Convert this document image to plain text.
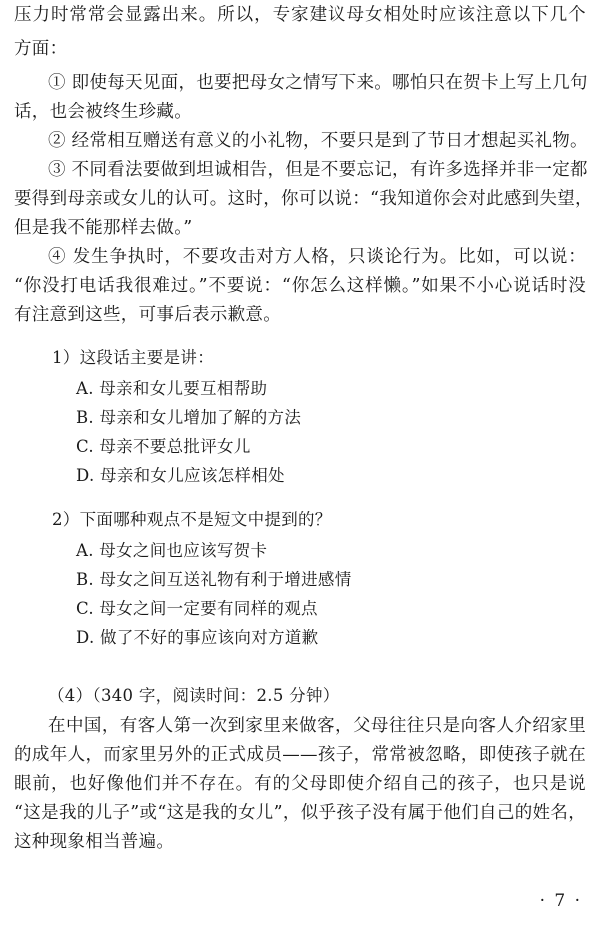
压力时常常会显露出来。所以，专家建议母女相处时应该注意以下几个
方面：
① 即使每天见面，也要把母女之情写下来。哪怕只在贺卡上写上几句
话，也会被终生珍藏。
② 经常相互赠送有意义的小礼物，不要只是到了节日才想起买礼物。
③ 不同看法要做到坦诚相告，但是不要忘记，有许多选择并非一定都
要得到母亲或女儿的认可。这时，你可以说：“我知道你会对此感到失望，
但是我不能那样去做。”
④ 发生争执时，不要攻击对方人格，只谈论行为。比如，可以说：
“你没打电话我很难过。”不要说：“你怎么这样懒。”如果不小心说话时没
有注意到这些，可事后表示歉意。
1）这段话主要是讲：
A. 母亲和女儿要互相帮助
B. 母亲和女儿增加了解的方法
C. 母亲不要总批评女儿
D. 母亲和女儿应该怎样相处
2）下面哪种观点不是短文中提到的？
A. 母女之间也应该写贺卡
B. 母女之间互送礼物有利于增进感情
C. 母女之间一定要有同样的观点
D. 做了不好的事应该向对方道歉
（4）（340 字，阅读时间：2.5 分钟）
在中国，有客人第一次到家里来做客，父母往往只是向客人介绍家里
的成年人，而家里另外的正式成员——孩子，常常被忽略，即使孩子就在
眼前，也好像他们并不存在。有的父母即使介绍自己的孩子，也只是说
“这是我的儿子”或“这是我的女儿”，似乎孩子没有属于他们自己的姓名，
这种现象相当普遍。
· 7 ·
